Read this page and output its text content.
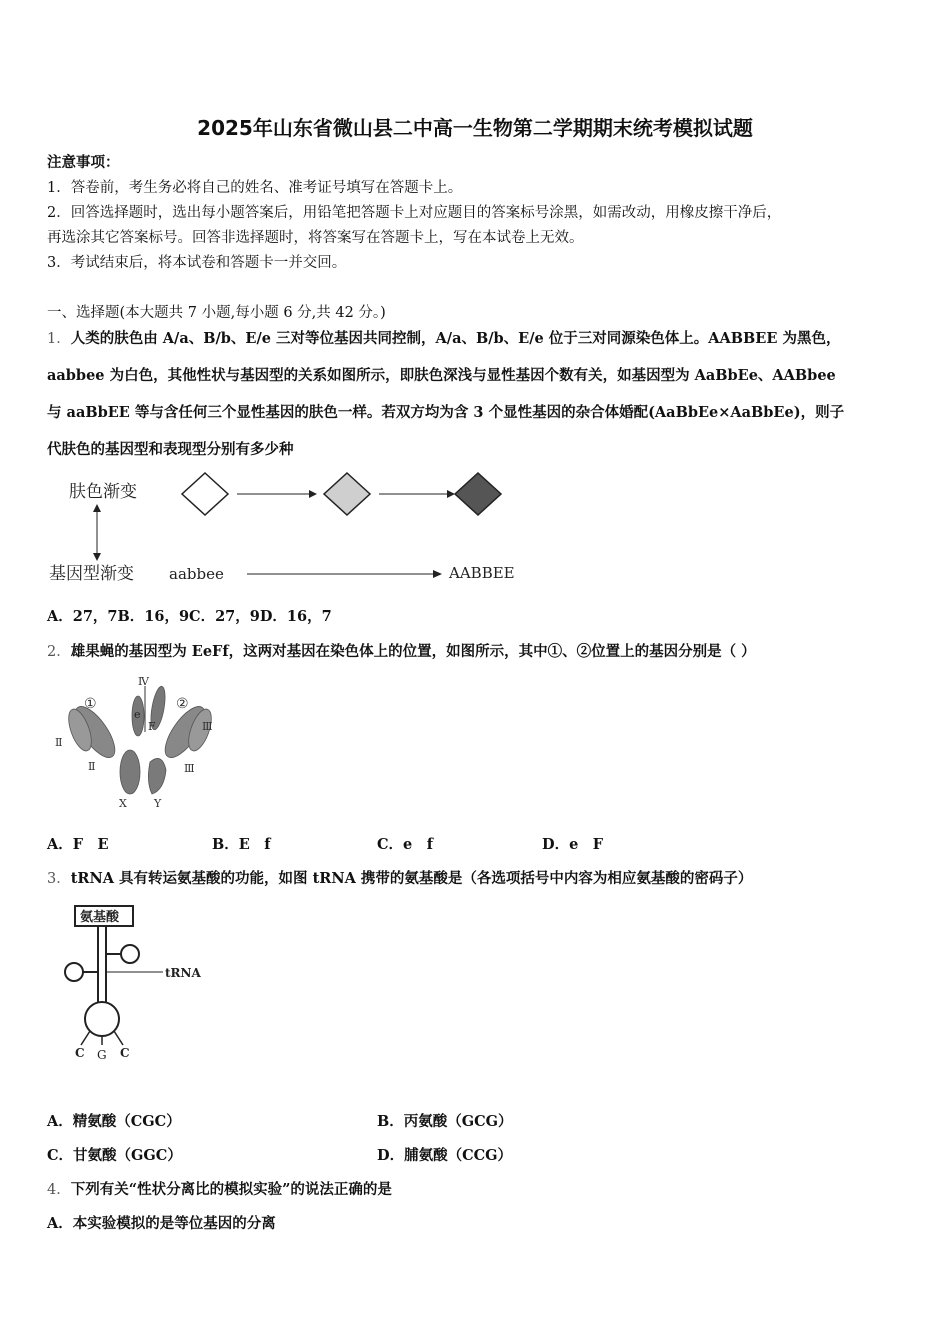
2025年山东省微山县二中高一生物第二学期期末统考模拟试题
注意事项：
1．答卷前，考生务必将自己的姓名、准考证号填写在答题卡上。
2．回答选择题时，选出每小题答案后，用铅笔把答题卡上对应题目的答案标号涂黑，如需改动，用橡皮擦干净后，
再选涂其它答案标号。回答非选择题时，将答案写在答题卡上，写在本试卷上无效。
3．考试结束后，将本试卷和答题卡一并交回。
一、选择题(本大题共 7 小题,每小题 6 分,共 42 分。)
1．人类的肤色由 A/a、B/b、E/e 三对等位基因共同控制，A/a、B/b、E/e 位于三对同源染色体上。AABBEE 为黑色，
aabbee 为白色，其他性状与基因型的关系如图所示，即肤色深浅与显性基因个数有关，如基因型为 AaBbEe、AABbee
与 aaBbEE 等与含任何三个显性基因的肤色一样。若双方均为含 3 个显性基因的杂合体婚配(AaBbEe×AaBbEe)，则子
代肤色的基因型和表现型分别有多少种
肤色渐变
基因型渐变 aabbee	AABBEE
A．27，7B．16，9C．27，9D．16，7
2．雄果蝇的基因型为 EeFf，这两对基因在染色体上的位置，如图所示，其中①、②位置上的基因分别是（ ）
Ⅳ
①	②
e
F
Ⅱ
Ⅲ
Ⅱ	Ⅲ
X Y
A．F　E	B．E　f	C．e　f	D．e　F
3．tRNA 具有转运氨基酸的功能，如图 tRNA 携带的氨基酸是（各选项括号中内容为相应氨基酸的密码子）
氨基酸
tRNA
C G C
A．精氨酸（CGC）	B．丙氨酸（GCG）
C．甘氨酸（GGC）	D．脯氨酸（CCG）
4．下列有关“性状分离比的模拟实验”的说法正确的是
A．本实验模拟的是等位基因的分离
